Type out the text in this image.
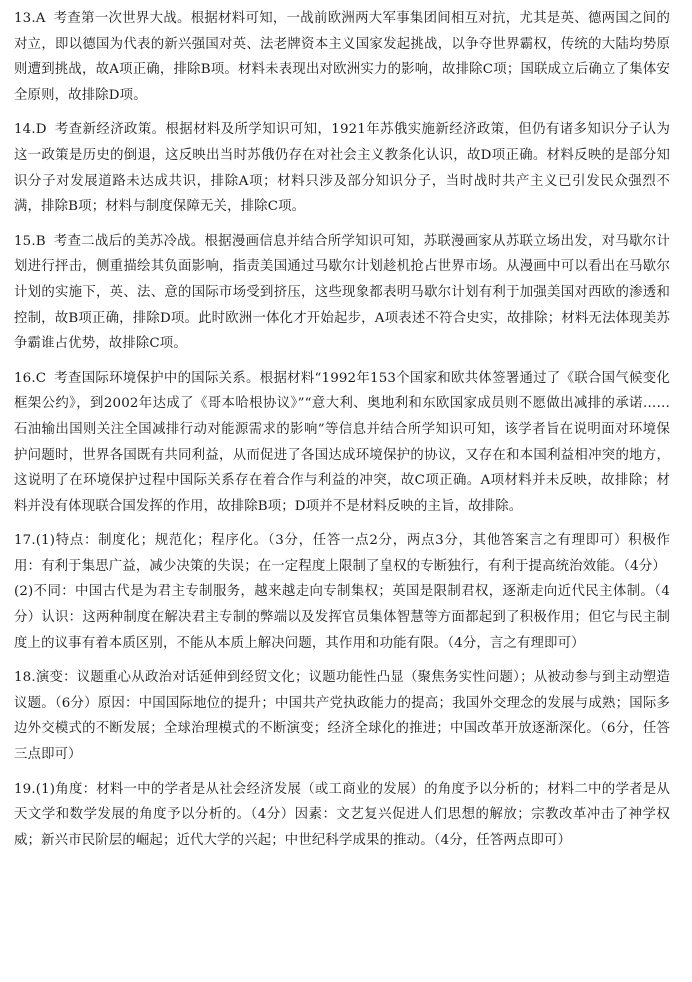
13.A 考查第一次世界大战。根据材料可知，一战前欧洲两大军事集团间相互对抗，尤其是英、德两国之间的对立，即以德国为代表的新兴强国对英、法老牌资本主义国家发起挑战，以争夺世界霸权，传统的大陆均势原则遭到挑战，故A项正确，排除B项。材料未表现出对欧洲实力的影响，故排除C项；国联成立后确立了集体安全原则，故排除D项。

14.D 考查新经济政策。根据材料及所学知识可知，1921年苏俄实施新经济政策，但仍有诸多知识分子认为这一政策是历史的倒退，这反映出当时苏俄仍存在对社会主义教条化认识，故D项正确。材料反映的是部分知识分子对发展道路未达成共识，排除A项；材料只涉及部分知识分子，当时战时共产主义已引发民众强烈不满，排除B项；材料与制度保障无关，排除C项。

15.B 考查二战后的美苏冷战。根据漫画信息并结合所学知识可知，苏联漫画家从苏联立场出发，对马歇尔计划进行抨击，侧重描绘其负面影响，指责美国通过马歇尔计划趁机抢占世界市场。从漫画中可以看出在马歇尔计划的实施下，英、法、意的国际市场受到挤压，这些现象都表明马歇尔计划有利于加强美国对西欧的渗透和控制，故B项正确，排除D项。此时欧洲一体化才开始起步，A项表述不符合史实，故排除；材料无法体现美苏争霸谁占优势，故排除C项。

16.C 考查国际环境保护中的国际关系。根据材料“1992年153个国家和欧共体签署通过了《联合国气候变化框架公约》，到2002年达成了《哥本哈根协议》”“意大利、奥地利和东欧国家成员则不愿做出减排的承诺……石油输出国则关注全国减排行动对能源需求的影响”等信息并结合所学知识可知，该学者旨在说明面对环境保护问题时，世界各国既有共同利益，从而促进了各国达成环境保护的协议，又存在和本国利益相冲突的地方，这说明了在环境保护过程中国际关系存在着合作与利益的冲突，故C项正确。A项材料并未反映，故排除；材料并没有体现联合国发挥的作用，故排除B项；D项并不是材料反映的主旨，故排除。

17.(1)特点：制度化；规范化；程序化。（3分，任答一点2分，两点3分，其他答案言之有理即可）积极作用：有利于集思广益，减少决策的失误；在一定程度上限制了皇权的专断独行，有利于提高统治效能。（4分）

(2)不同：中国古代是为君主专制服务，越来越走向专制集权；英国是限制君权，逐渐走向近代民主体制。（4分）认识：这两种制度在解决君主专制的弊端以及发挥官员集体智慧等方面都起到了积极作用；但它与民主制度上的议事有着本质区别，不能从本质上解决问题，其作用和功能有限。（4分，言之有理即可）

18.演变：议题重心从政治对话延伸到经贸文化；议题功能性凸显（聚焦务实性问题）；从被动参与到主动塑造议题。（6分）原因：中国国际地位的提升；中国共产党执政能力的提高；我国外交理念的发展与成熟；国际多边外交模式的不断发展；全球治理模式的不断演变；经济全球化的推进；中国改革开放逐渐深化。（6分，任答三点即可）

19.(1)角度：材料一中的学者是从社会经济发展（或工商业的发展）的角度予以分析的；材料二中的学者是从天文学和数学发展的角度予以分析的。（4分）因素：文艺复兴促进人们思想的解放；宗教改革冲击了神学权威；新兴市民阶层的崛起；近代大学的兴起；中世纪科学成果的推动。（4分，任答两点即可）
